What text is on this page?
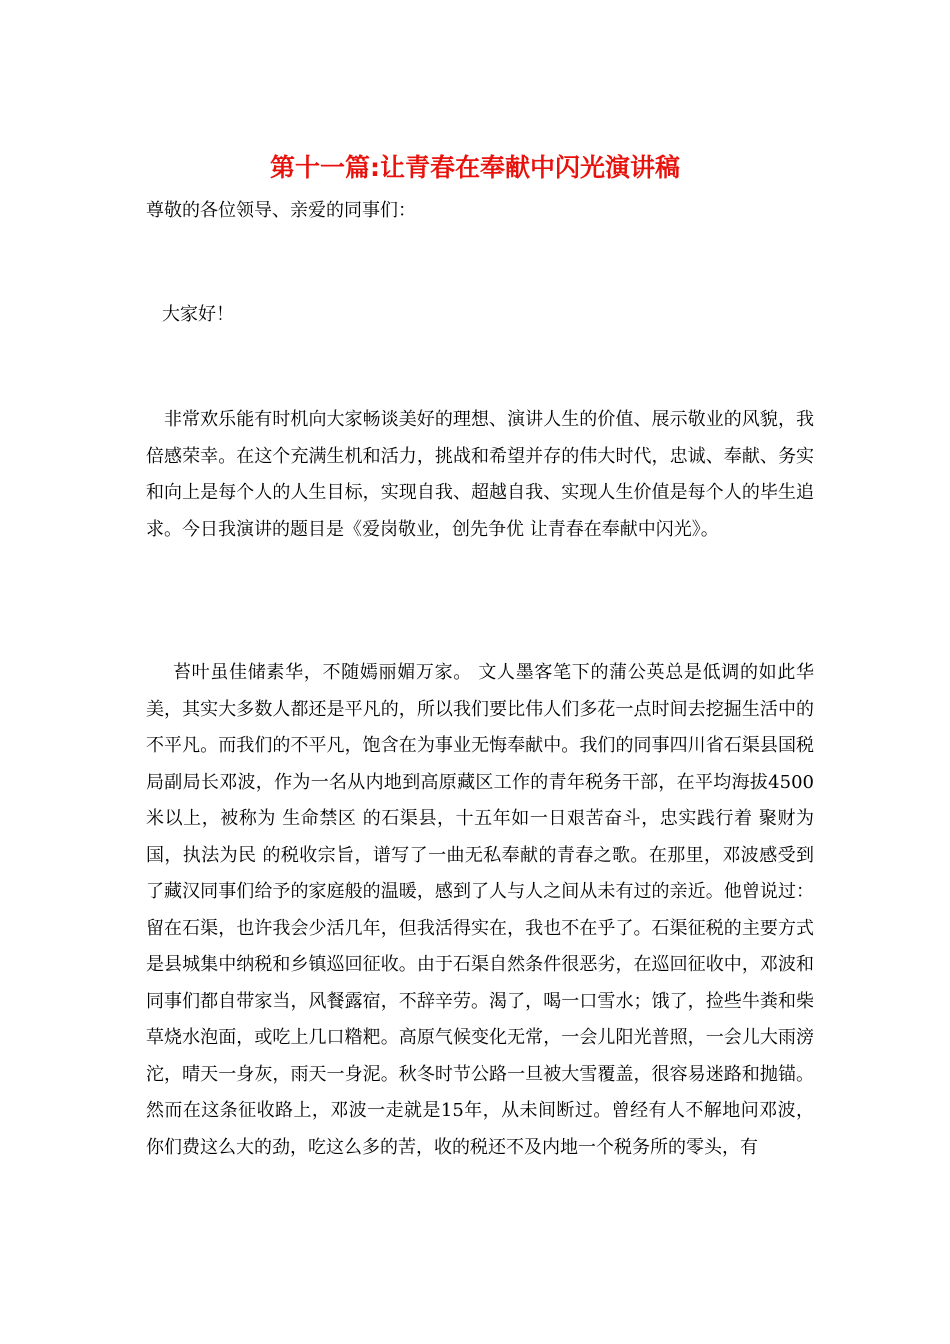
第十一篇:让青春在奉献中闪光演讲稿

尊敬的各位领导、亲爱的同事们：

大家好！

非常欢乐能有时机向大家畅谈美好的理想、演讲人生的价值、展示敬业的风貌，我倍感荣幸。在这个充满生机和活力，挑战和希望并存的伟大时代，忠诚、奉献、务实和向上是每个人的人生目标，实现自我、超越自我、实现人生价值是每个人的毕生追求。今日我演讲的题目是《爱岗敬业，创先争优 让青春在奉献中闪光》。

苔叶虽佳储素华，不随嫣丽媚万家。 文人墨客笔下的蒲公英总是低调的如此华美，其实大多数人都还是平凡的，所以我们要比伟人们多花一点时间去挖掘生活中的不平凡。而我们的不平凡，饱含在为事业无悔奉献中。我们的同事四川省石渠县国税局副局长邓波，作为一名从内地到高原藏区工作的青年税务干部，在平均海拔4500米以上，被称为 生命禁区 的石渠县，十五年如一日艰苦奋斗，忠实践行着 聚财为国，执法为民 的税收宗旨，谱写了一曲无私奉献的青春之歌。在那里，邓波感受到了藏汉同事们给予的家庭般的温暖，感到了人与人之间从未有过的亲近。他曾说过：留在石渠，也许我会少活几年，但我活得实在，我也不在乎了。石渠征税的主要方式是县城集中纳税和乡镇巡回征收。由于石渠自然条件很恶劣，在巡回征收中，邓波和同事们都自带家当，风餐露宿，不辞辛劳。渴了，喝一口雪水；饿了，捡些牛粪和柴草烧水泡面，或吃上几口糌粑。高原气候变化无常，一会儿阳光普照，一会儿大雨滂沱，晴天一身灰，雨天一身泥。秋冬时节公路一旦被大雪覆盖，很容易迷路和抛锚。然而在这条征收路上，邓波一走就是15年，从未间断过。曾经有人不解地问邓波，你们费这么大的劲，吃这么多的苦，收的税还不及内地一个税务所的零头，有
